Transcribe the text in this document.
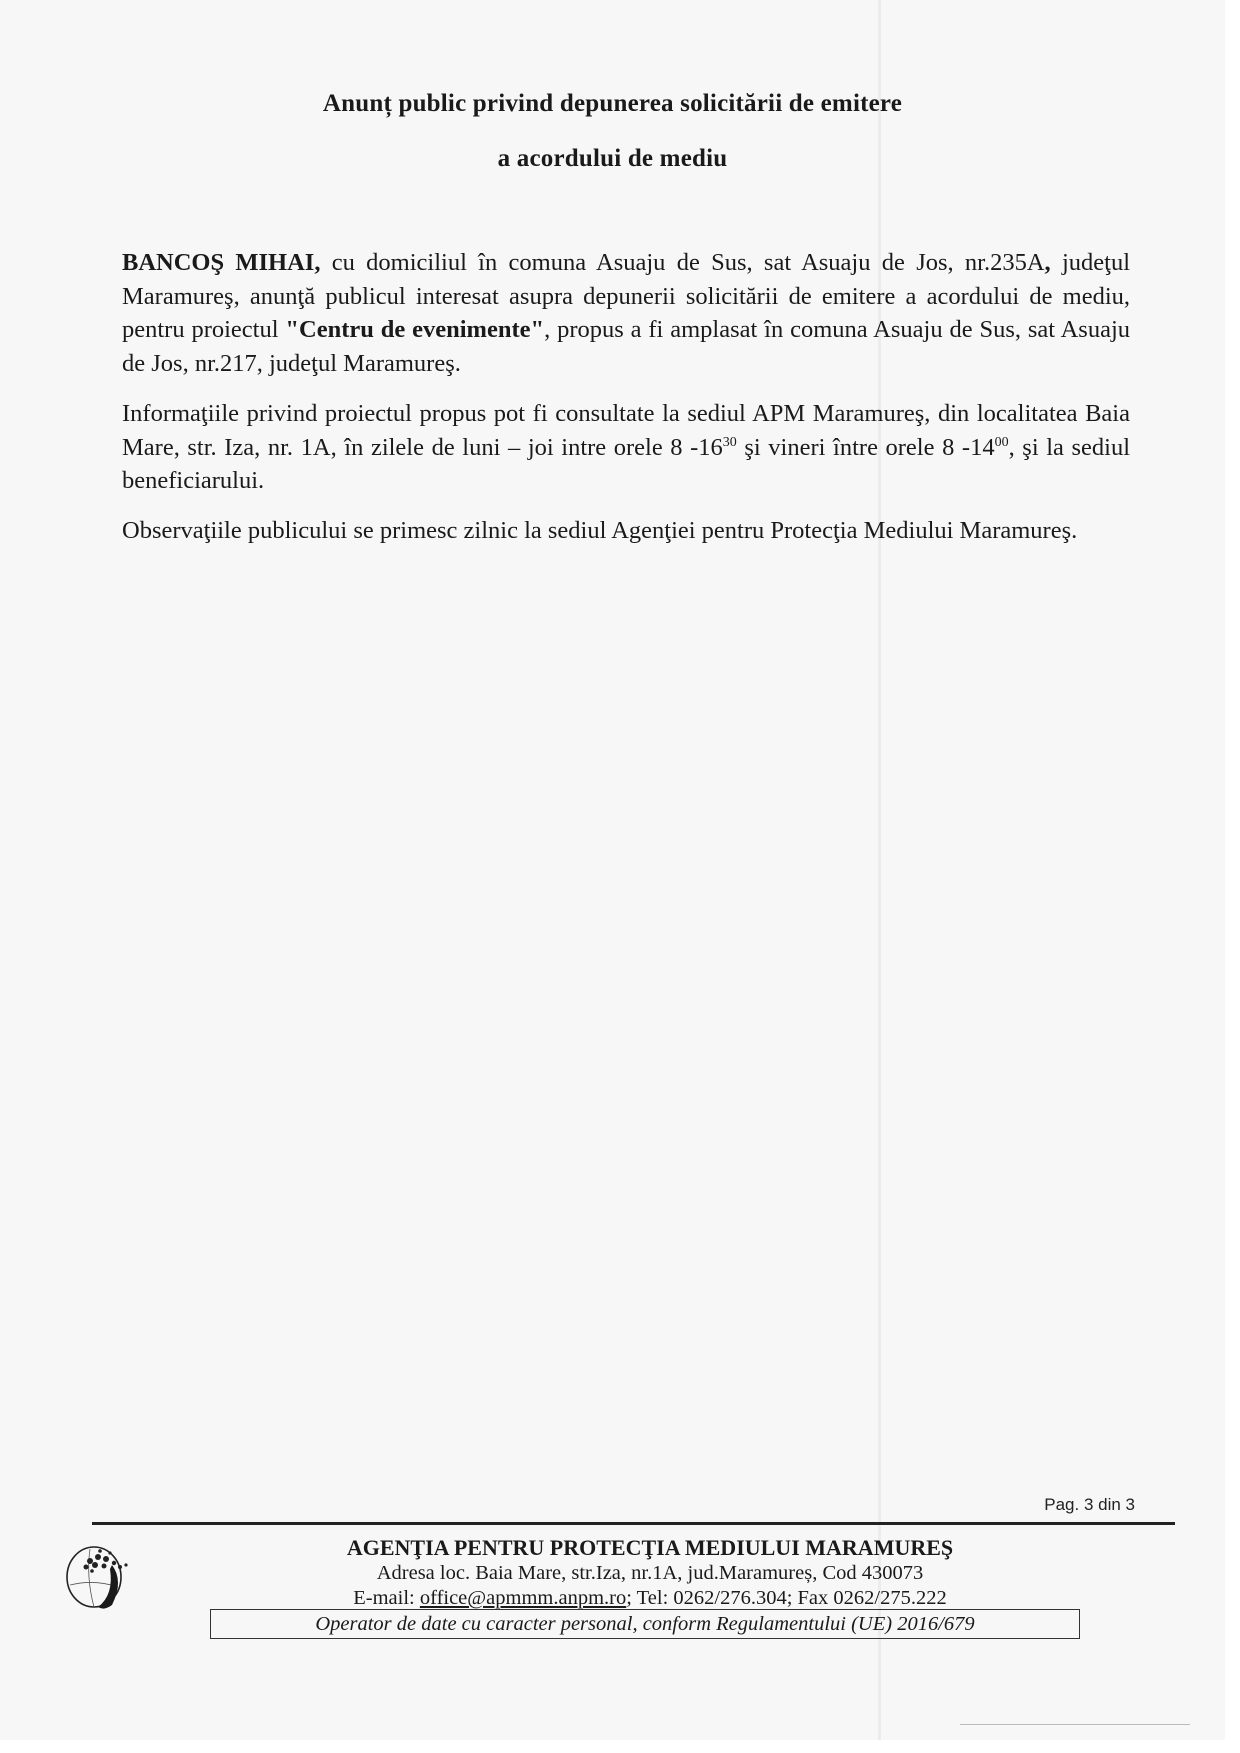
Anunț public privind depunerea solicitării de emitere
a acordului de mediu
BANCOŞ MIHAI, cu domiciliul în comuna Asuaju de Sus, sat Asuaju de Jos, nr.235A, judeţul Maramureş, anunţă publicul interesat asupra depunerii solicitării de emitere a acordului de mediu, pentru proiectul "Centru de evenimente", propus a fi amplasat în comuna Asuaju de Sus, sat Asuaju de Jos, nr.217, judeţul Maramureş.
Informaţiile privind proiectul propus pot fi consultate la sediul APM Maramureş, din localitatea Baia Mare, str. Iza, nr. 1A, în zilele de luni – joi intre orele 8 $-16^{30}$ şi vineri între orele 8 $-14^{00}$, şi la sediul beneficiarului.
Observaţiile publicului se primesc zilnic la sediul Agenţiei pentru Protecţia Mediului Maramureş.
Pag. 3 din 3
AGENŢIA PENTRU PROTECŢIA MEDIULUI MARAMUREŞ
Adresa loc. Baia Mare, str.Iza, nr.1A, jud.Maramureș, Cod 430073
E-mail: office@apmmm.anpm.ro; Tel: 0262/276.304; Fax 0262/275.222
Operator de date cu caracter personal, conform Regulamentului (UE) 2016/679
